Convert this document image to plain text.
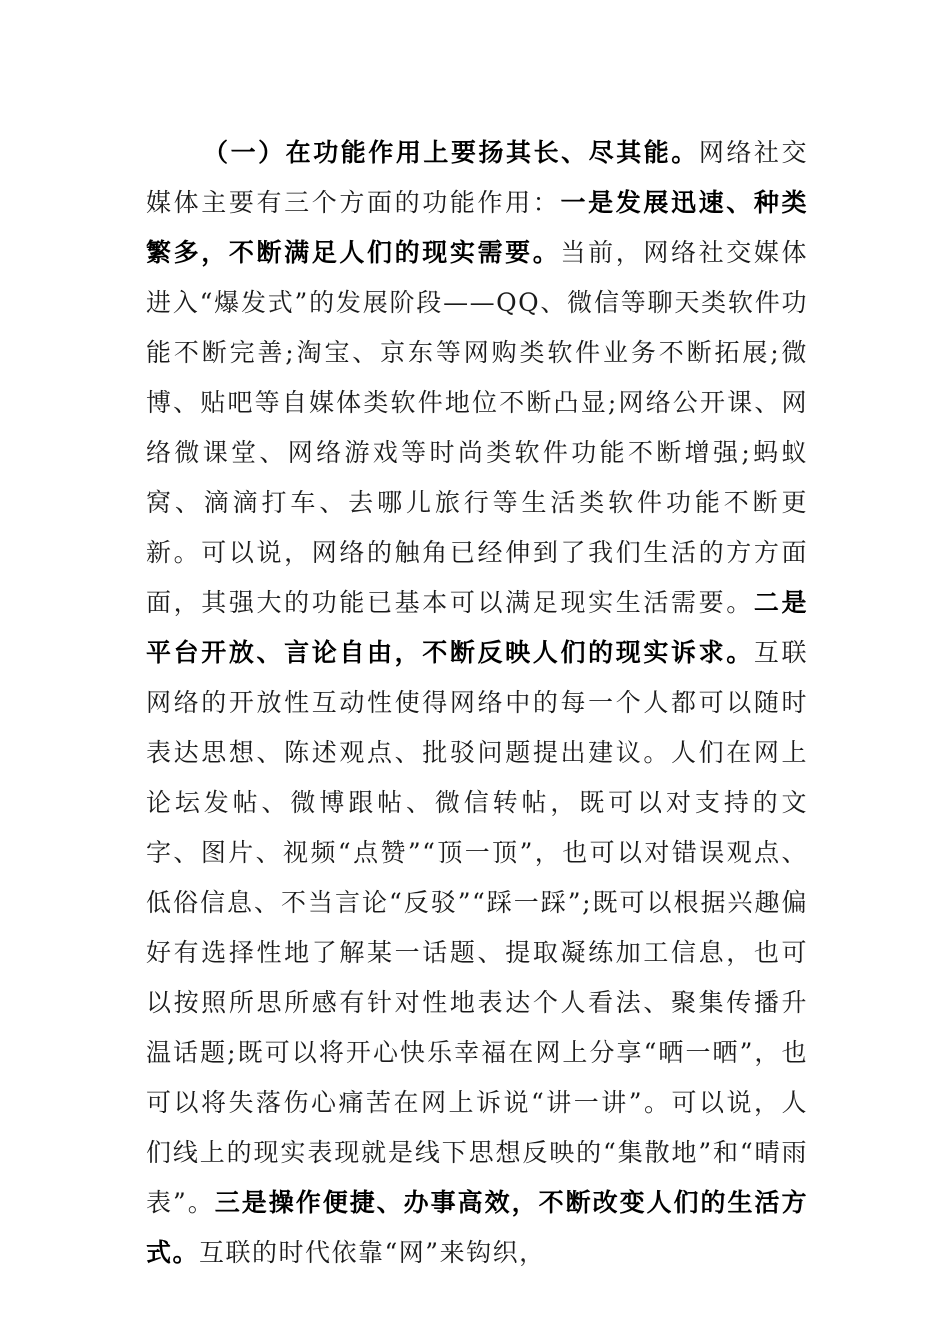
（一）在功能作用上要扬其长、尽其能。网络社交媒体主要有三个方面的功能作用：一是发展迅速、种类繁多，不断满足人们的现实需要。当前，网络社交媒体进入“爆发式”的发展阶段——QQ、微信等聊天类软件功能不断完善;淘宝、京东等网购类软件业务不断拓展;微博、贴吧等自媒体类软件地位不断凸显;网络公开课、网络微课堂、网络游戏等时尚类软件功能不断增强;蚂蚁窝、滴滴打车、去哪儿旅行等生活类软件功能不断更新。可以说，网络的触角已经伸到了我们生活的方方面面，其强大的功能已基本可以满足现实生活需要。二是平台开放、言论自由，不断反映人们的现实诉求。互联网络的开放性互动性使得网络中的每一个人都可以随时表达思想、陈述观点、批驳问题提出建议。人们在网上论坛发帖、微博跟帖、微信转帖，既可以对支持的文字、图片、视频“点赞”“顶一顶”，也可以对错误观点、低俗信息、不当言论“反驳”“踩一踩”;既可以根据兴趣偏好有选择性地了解某一话题、提取凝练加工信息，也可以按照所思所感有针对性地表达个人看法、聚集传播升温话题;既可以将开心快乐幸福在网上分享“晒一晒”，也可以将失落伤心痛苦在网上诉说“讲一讲”。可以说，人们线上的现实表现就是线下思想反映的“集散地”和“晴雨表”。三是操作便捷、办事高效，不断改变人们的生活方式。互联的时代依靠“网”来钩织，
